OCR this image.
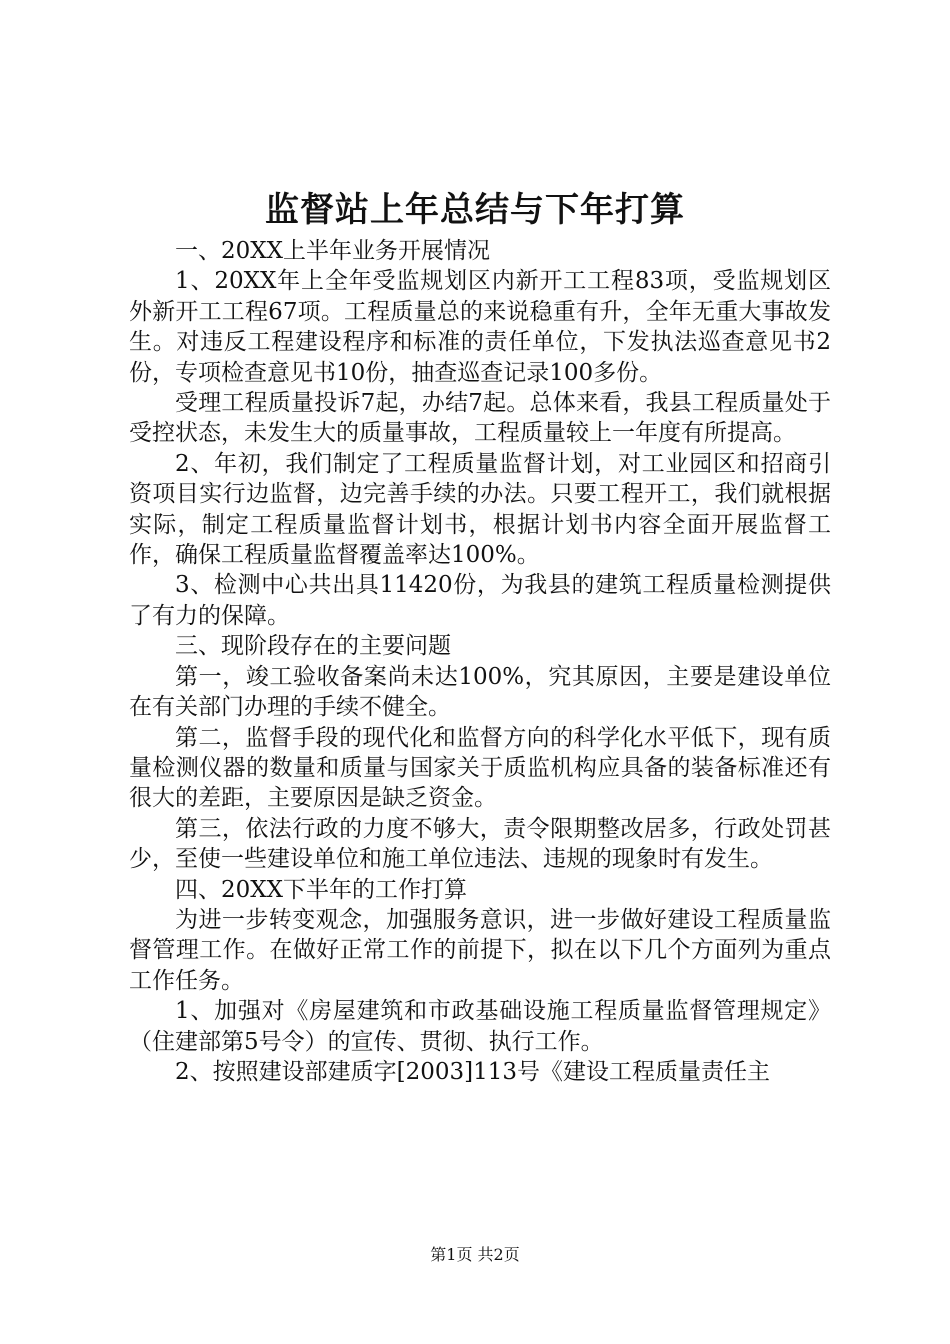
监督站上年总结与下年打算

一、20XX上半年业务开展情况

1、20XX年上全年受监规划区内新开工工程83项，受监规划区外新开工工程67项。工程质量总的来说稳重有升，全年无重大事故发生。对违反工程建设程序和标准的责任单位，下发执法巡查意见书2份，专项检查意见书10份，抽查巡查记录100多份。

受理工程质量投诉7起，办结7起。总体来看，我县工程质量处于受控状态，未发生大的质量事故，工程质量较上一年度有所提高。

2、年初，我们制定了工程质量监督计划，对工业园区和招商引资项目实行边监督，边完善手续的办法。只要工程开工，我们就根据实际，制定工程质量监督计划书，根据计划书内容全面开展监督工作，确保工程质量监督覆盖率达100%。

3、检测中心共出具11420份，为我县的建筑工程质量检测提供了有力的保障。

三、现阶段存在的主要问题

第一，竣工验收备案尚未达100%，究其原因，主要是建设单位在有关部门办理的手续不健全。

第二，监督手段的现代化和监督方向的科学化水平低下，现有质量检测仪器的数量和质量与国家关于质监机构应具备的装备标准还有很大的差距，主要原因是缺乏资金。

第三，依法行政的力度不够大，责令限期整改居多，行政处罚甚少，至使一些建设单位和施工单位违法、违规的现象时有发生。

四、20XX下半年的工作打算

为进一步转变观念，加强服务意识，进一步做好建设工程质量监督管理工作。在做好正常工作的前提下，拟在以下几个方面列为重点工作任务。

1、加强对《房屋建筑和市政基础设施工程质量监督管理规定》（住建部第5号令）的宣传、贯彻、执行工作。

2、按照建设部建质字[2003]113号《建设工程质量责任主

第1页 共2页
